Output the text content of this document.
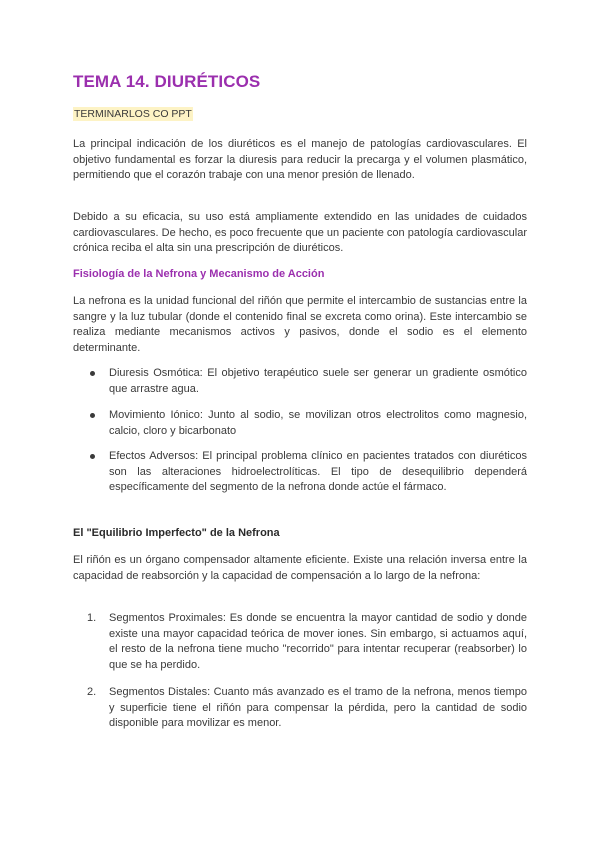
TEMA 14. DIURÉTICOS
TERMINARLOS CO PPT

La principal indicación de los diuréticos es el manejo de patologías cardiovasculares. El objetivo fundamental es forzar la diuresis para reducir la precarga y el volumen plasmático, permitiendo que el corazón trabaje con una menor presión de llenado.

Debido a su eficacia, su uso está ampliamente extendido en las unidades de cuidados cardiovasculares. De hecho, es poco frecuente que un paciente con patología cardiovascular crónica reciba el alta sin una prescripción de diuréticos.

Fisiología de la Nefrona y Mecanismo de Acción

La nefrona es la unidad funcional del riñón que permite el intercambio de sustancias entre la sangre y la luz tubular (donde el contenido final se excreta como orina). Este intercambio se realiza mediante mecanismos activos y pasivos, donde el sodio es el elemento determinante.

Diuresis Osmótica: El objetivo terapéutico suele ser generar un gradiente osmótico que arrastre agua.

Movimiento Iónico: Junto al sodio, se movilizan otros electrolitos como magnesio, calcio, cloro y bicarbonato

Efectos Adversos: El principal problema clínico en pacientes tratados con diuréticos son las alteraciones hidroelectrolíticas. El tipo de desequilibrio dependerá específicamente del segmento de la nefrona donde actúe el fármaco.

El "Equilibrio Imperfecto" de la Nefrona

El riñón es un órgano compensador altamente eficiente. Existe una relación inversa entre la capacidad de reabsorción y la capacidad de compensación a lo largo de la nefrona:

1. Segmentos Proximales: Es donde se encuentra la mayor cantidad de sodio y donde existe una mayor capacidad teórica de mover iones. Sin embargo, si actuamos aquí, el resto de la nefrona tiene mucho "recorrido" para intentar recuperar (reabsorber) lo que se ha perdido.

2. Segmentos Distales: Cuanto más avanzado es el tramo de la nefrona, menos tiempo y superficie tiene el riñón para compensar la pérdida, pero la cantidad de sodio disponible para movilizar es menor.
